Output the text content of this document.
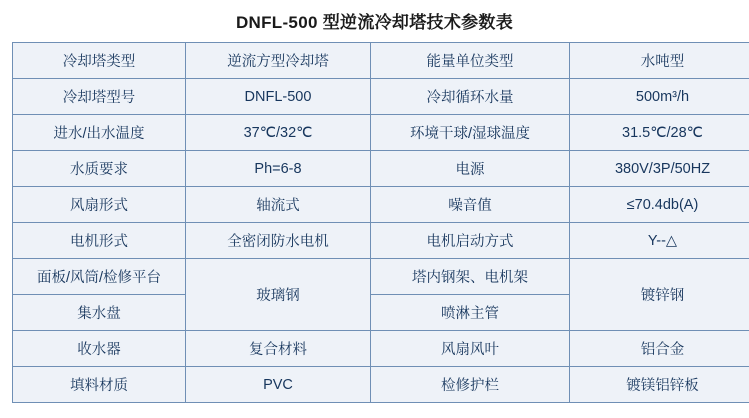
DNFL-500 型逆流冷却塔技术参数表
冷却塔类型	逆流方型冷却塔	能量单位类型	水吨型
冷却塔型号	DNFL-500	冷却循环水量	500m³/h
进水/出水温度	37℃/32℃	环境干球/湿球温度	31.5℃/28℃
水质要求	Ph=6-8	电源	380V/3P/50HZ
风扇形式	轴流式	噪音值	≤70.4db(A)
电机形式	全密闭防水电机	电机启动方式	Y--△
面板/风筒/检修平台	玻璃钢	塔内钢架、电机架	镀锌钢
集水盘		喷淋主管	
收水器	复合材料	风扇风叶	铝合金
填料材质	PVC	检修护栏	镀镁铝锌板
